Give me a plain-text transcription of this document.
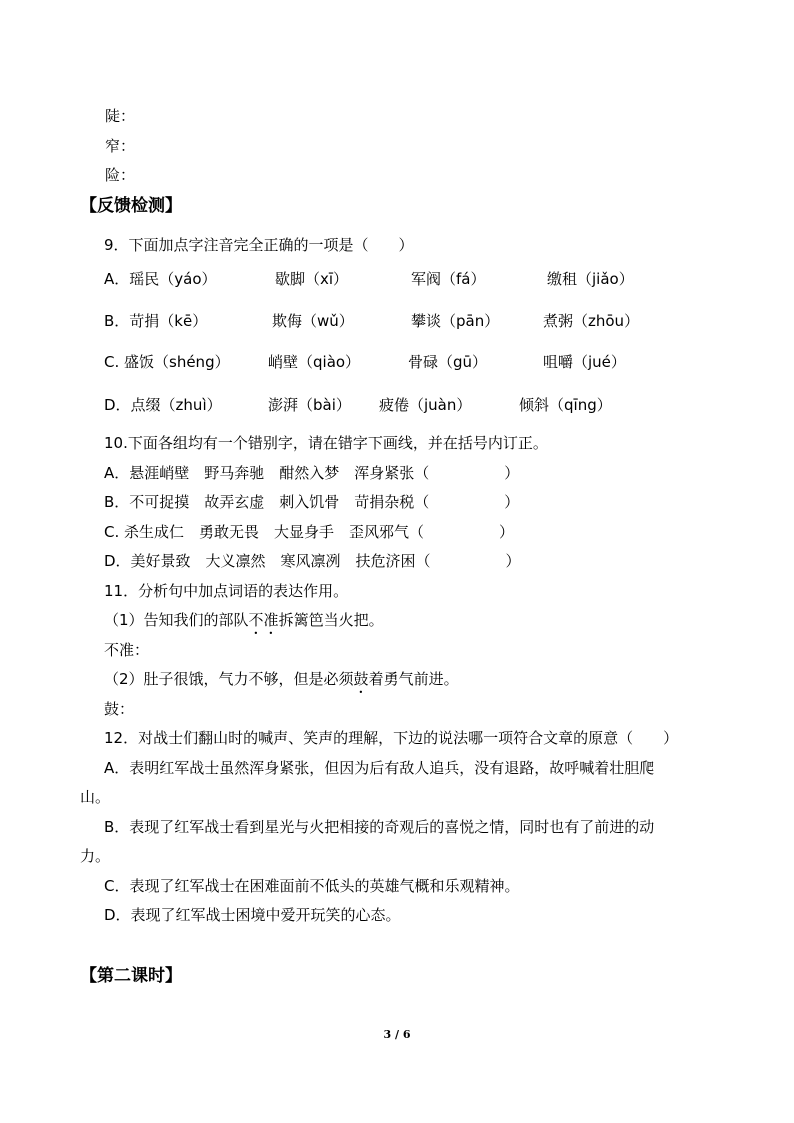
陡：
窄：
险：
【反馈检测】
9．下面加点字注音完全正确的一项是（　　）
A．瑶民（yáo）	歇脚（xī）	军阀（fá）	缴租（jiǎo）
B．苛捐（kē）	欺侮（wǔ）	攀谈（pān）	煮粥（zhōu）
C. 盛饭（shéng）	峭壁（qiào）	骨碌（gū）	咀嚼（jué）
D．点缀（zhuì）	澎湃（bài） 疲倦（juàn）	倾斜（qīng）
10.下面各组均有一个错别字，请在错字下画线，并在括号内订正。
A．悬涯峭壁　野马奔驰　酣然入梦　浑身紧张（　　　　　）
B．不可捉摸　故弄玄虚　刺入饥骨　苛捐杂税（　　　　　）
C. 杀生成仁　勇敢无畏　大显身手　歪风邪气（　　　　　）
D．美好景致　大义凛然　寒风凛冽　扶危济困（　　　　　）
11．分析句中加点词语的表达作用。
（1）告知我们的部队不准拆篱笆当火把。
不准：
（2）肚子很饿，气力不够，但是必须鼓着勇气前进。
鼓：
12．对战士们翻山时的喊声、笑声的理解，下边的说法哪一项符合文章的原意（　　）
A．表明红军战士虽然浑身紧张，但因为后有敌人追兵，没有退路，故呼喊着壮胆爬
山。
B．表现了红军战士看到星光与火把相接的奇观后的喜悦之情，同时也有了前进的动
力。
C．表现了红军战士在困难面前不低头的英雄气概和乐观精神。
D．表现了红军战士困境中爱开玩笑的心态。
【第二课时】
3 / 6
